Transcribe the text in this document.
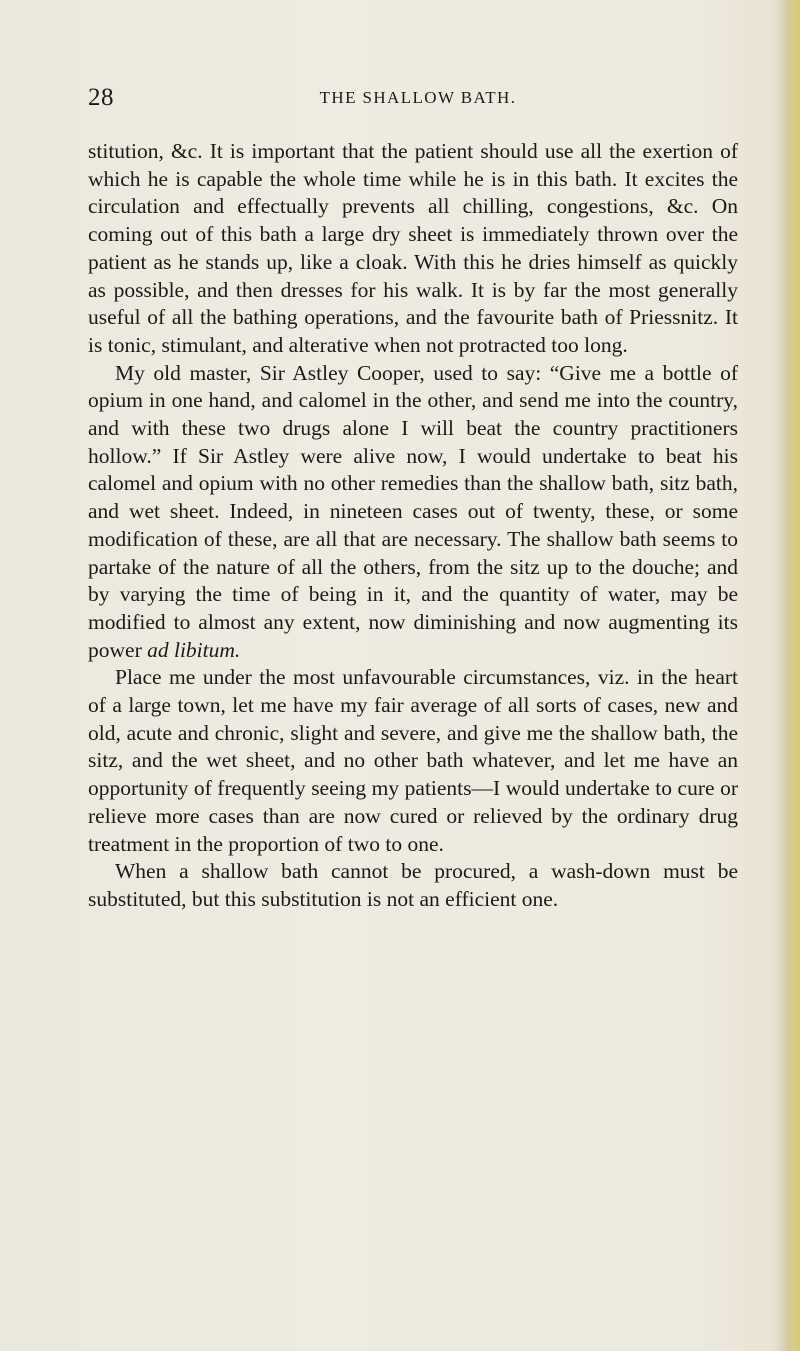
28	THE SHALLOW BATH.

stitution, &c. It is important that the patient should use all the exertion of which he is capable the whole time while he is in this bath. It excites the circulation and effectually prevents all chilling, congestions, &c. On coming out of this bath a large dry sheet is immediately thrown over the patient as he stands up, like a cloak. With this he dries himself as quickly as possible, and then dresses for his walk. It is by far the most generally useful of all the bathing operations, and the favourite bath of Priessnitz. It is tonic, stimulant, and alterative when not protracted too long.

My old master, Sir Astley Cooper, used to say: “Give me a bottle of opium in one hand, and calomel in the other, and send me into the country, and with these two drugs alone I will beat the country practitioners hollow.” If Sir Astley were alive now, I would undertake to beat his calomel and opium with no other remedies than the shallow bath, sitz bath, and wet sheet. Indeed, in nineteen cases out of twenty, these, or some modification of these, are all that are necessary. The shallow bath seems to partake of the nature of all the others, from the sitz up to the douche; and by varying the time of being in it, and the quantity of water, may be modified to almost any extent, now diminishing and now augmenting its power ad libitum.

Place me under the most unfavourable circumstances, viz. in the heart of a large town, let me have my fair average of all sorts of cases, new and old, acute and chronic, slight and severe, and give me the shallow bath, the sitz, and the wet sheet, and no other bath whatever, and let me have an opportunity of frequently seeing my patients—I would undertake to cure or relieve more cases than are now cured or relieved by the ordinary drug treatment in the proportion of two to one.

When a shallow bath cannot be procured, a wash-down must be substituted, but this substitution is not an efficient one.
